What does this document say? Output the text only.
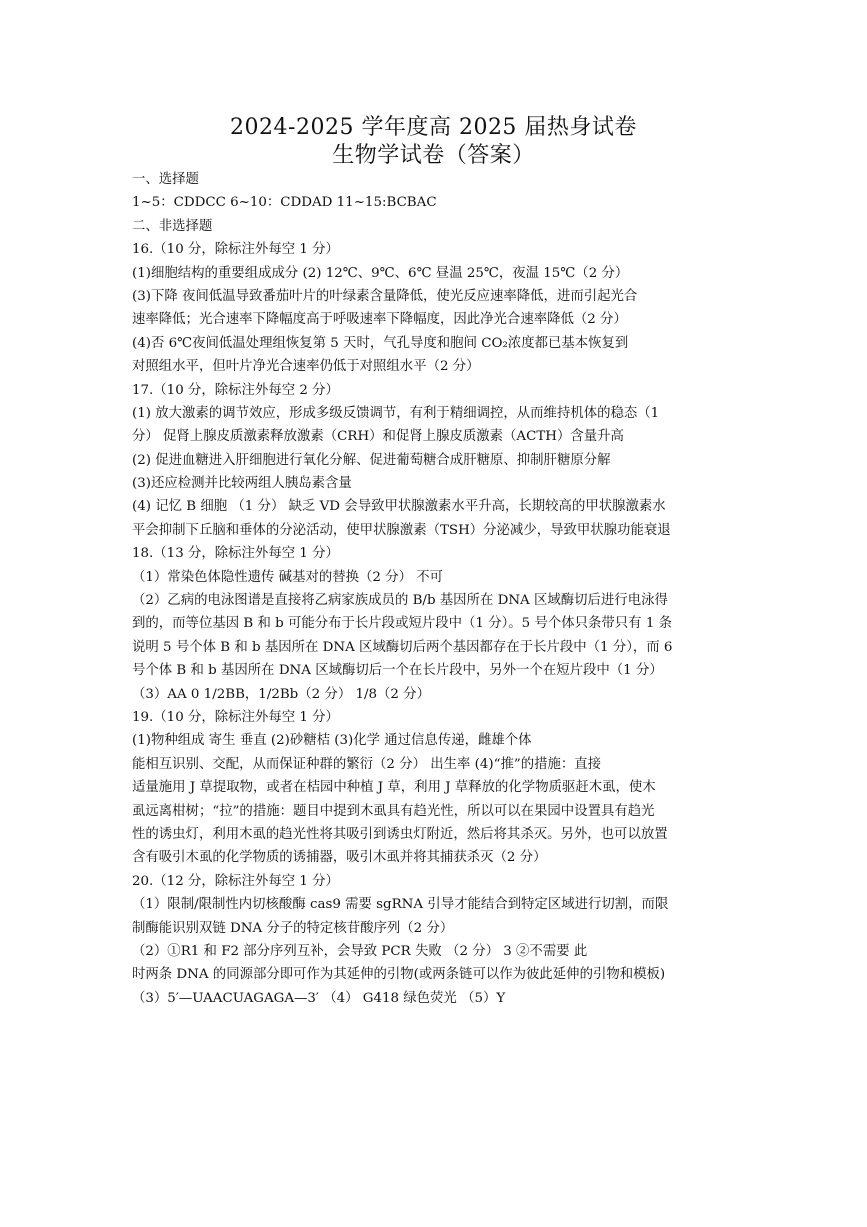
2024-2025 学年度高 2025 届热身试卷
生物学试卷（答案）
一、选择题
1~5：CDDCC 6~10：CDDAD 11~15:BCBAC
二、非选择题
16.（10 分，除标注外每空 1 分）
(1)细胞结构的重要组成成分 (2) 12℃、9℃、6℃ 昼温 25℃，夜温 15℃（2 分）
(3)下降 夜间低温导致番茄叶片的叶绿素含量降低，使光反应速率降低，进而引起光合
速率降低；光合速率下降幅度高于呼吸速率下降幅度，因此净光合速率降低（2 分）
(4)否 6℃夜间低温处理组恢复第 5 天时，气孔导度和胞间 CO₂浓度都已基本恢复到
对照组水平，但叶片净光合速率仍低于对照组水平（2 分）
17.（10 分，除标注外每空 2 分）
(1) 放大激素的调节效应，形成多级反馈调节，有利于精细调控，从而维持机体的稳态（1
分） 促肾上腺皮质激素释放激素（CRH）和促肾上腺皮质激素（ACTH）含量升高
(2) 促进血糖进入肝细胞进行氧化分解、促进葡萄糖合成肝糖原、抑制肝糖原分解
(3)还应检测并比较两组人胰岛素含量
(4) 记忆 B 细胞 （1 分） 缺乏 VD 会导致甲状腺激素水平升高，长期较高的甲状腺激素水
平会抑制下丘脑和垂体的分泌活动，使甲状腺激素（TSH）分泌减少，导致甲状腺功能衰退
18.（13 分，除标注外每空 1 分）
（1）常染色体隐性遗传 碱基对的替换（2 分） 不可
（2）乙病的电泳图谱是直接将乙病家族成员的 B/b 基因所在 DNA 区域酶切后进行电泳得
到的，而等位基因 B 和 b 可能分布于长片段或短片段中（1 分）。5 号个体只条带只有 1 条
说明 5 号个体 B 和 b 基因所在 DNA 区域酶切后两个基因都存在于长片段中（1 分），而 6
号个体 B 和 b 基因所在 DNA 区域酶切后一个在长片段中，另外一个在短片段中（1 分）
（3）AA 0 1/2BB，1/2Bb（2 分） 1/8（2 分）
19.（10 分，除标注外每空 1 分）
(1)物种组成 寄生 垂直 (2)砂糖桔 (3)化学 通过信息传递，雌雄个体
能相互识别、交配，从而保证种群的繁衍（2 分） 出生率 (4)“推”的措施：直接
适量施用 J 草提取物，或者在桔园中种植 J 草，利用 J 草释放的化学物质驱赶木虱，使木
虱远离柑树；“拉”的措施：题目中提到木虱具有趋光性，所以可以在果园中设置具有趋光
性的诱虫灯，利用木虱的趋光性将其吸引到诱虫灯附近，然后将其杀灭。另外，也可以放置
含有吸引木虱的化学物质的诱捕器，吸引木虱并将其捕获杀灭（2 分）
20.（12 分，除标注外每空 1 分）
（1）限制/限制性内切核酸酶 cas9 需要 sgRNA 引导才能结合到特定区域进行切割，而限
制酶能识别双链 DNA 分子的特定核苷酸序列（2 分）
（2）①R1 和 F2 部分序列互补，会导致 PCR 失败 （2 分） 3 ②不需要 此
时两条 DNA 的同源部分即可作为其延伸的引物(或两条链可以作为彼此延伸的引物和模板)
（3）5′—UAACUAGAGA—3′ （4） G418 绿色荧光 （5）Y
